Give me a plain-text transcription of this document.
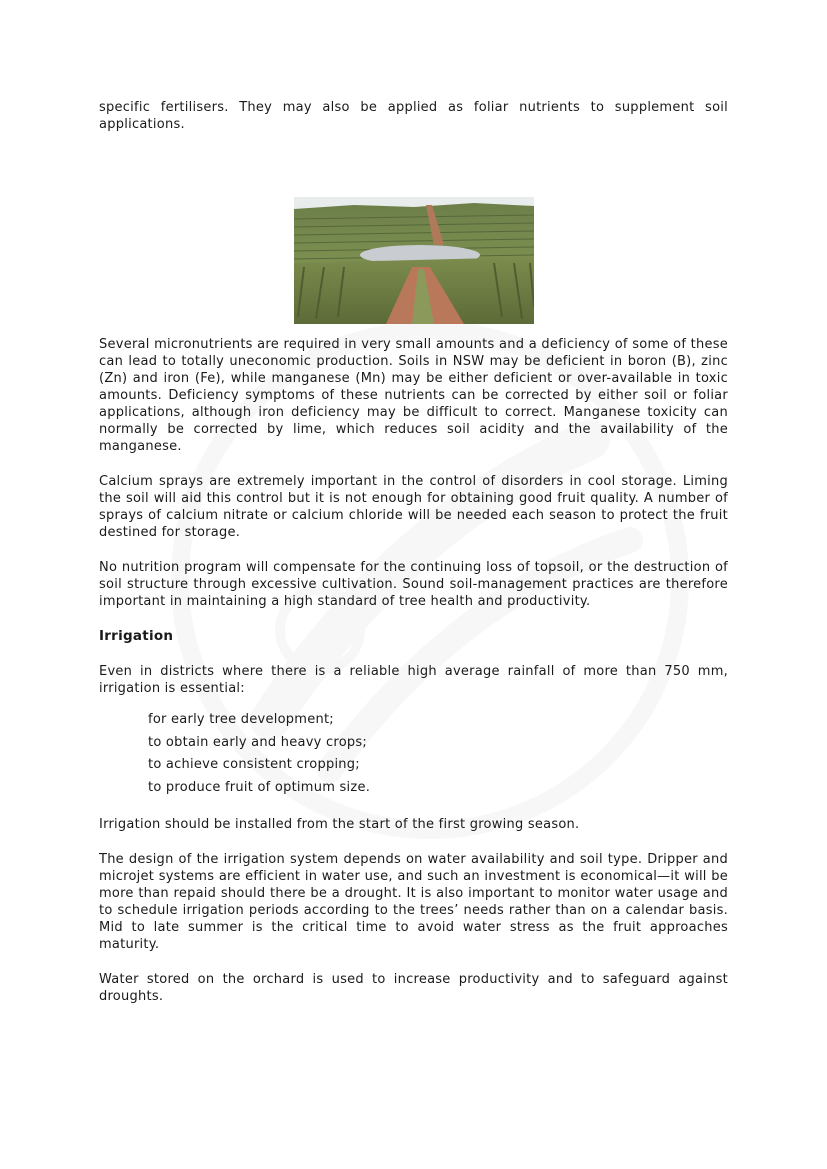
specific fertilisers. They may also be applied as foliar nutrients to supplement soil applications.

Several micronutrients are required in very small amounts and a deficiency of some of these can lead to totally uneconomic production. Soils in NSW may be deficient in boron (B), zinc (Zn) and iron (Fe), while manganese (Mn) may be either deficient or over-available in toxic amounts. Deficiency symptoms of these nutrients can be corrected by either soil or foliar applications, although iron deficiency may be difficult to correct. Manganese toxicity can normally be corrected by lime, which reduces soil acidity and the availability of the manganese.

Calcium sprays are extremely important in the control of disorders in cool storage. Liming the soil will aid this control but it is not enough for obtaining good fruit quality. A number of sprays of calcium nitrate or calcium chloride will be needed each season to protect the fruit destined for storage.

No nutrition program will compensate for the continuing loss of topsoil, or the destruction of soil structure through excessive cultivation. Sound soil-management practices are therefore important in maintaining a high standard of tree health and productivity.

Irrigation

Even in districts where there is a reliable high average rainfall of more than 750 mm, irrigation is essential:

for early tree development;
to obtain early and heavy crops;
to achieve consistent cropping;
to produce fruit of optimum size.

Irrigation should be installed from the start of the first growing season.

The design of the irrigation system depends on water availability and soil type. Dripper and microjet systems are efficient in water use, and such an investment is economical—it will be more than repaid should there be a drought. It is also important to monitor water usage and to schedule irrigation periods according to the trees’ needs rather than on a calendar basis. Mid to late summer is the critical time to avoid water stress as the fruit approaches maturity.

Water stored on the orchard is used to increase productivity and to safeguard against droughts.
